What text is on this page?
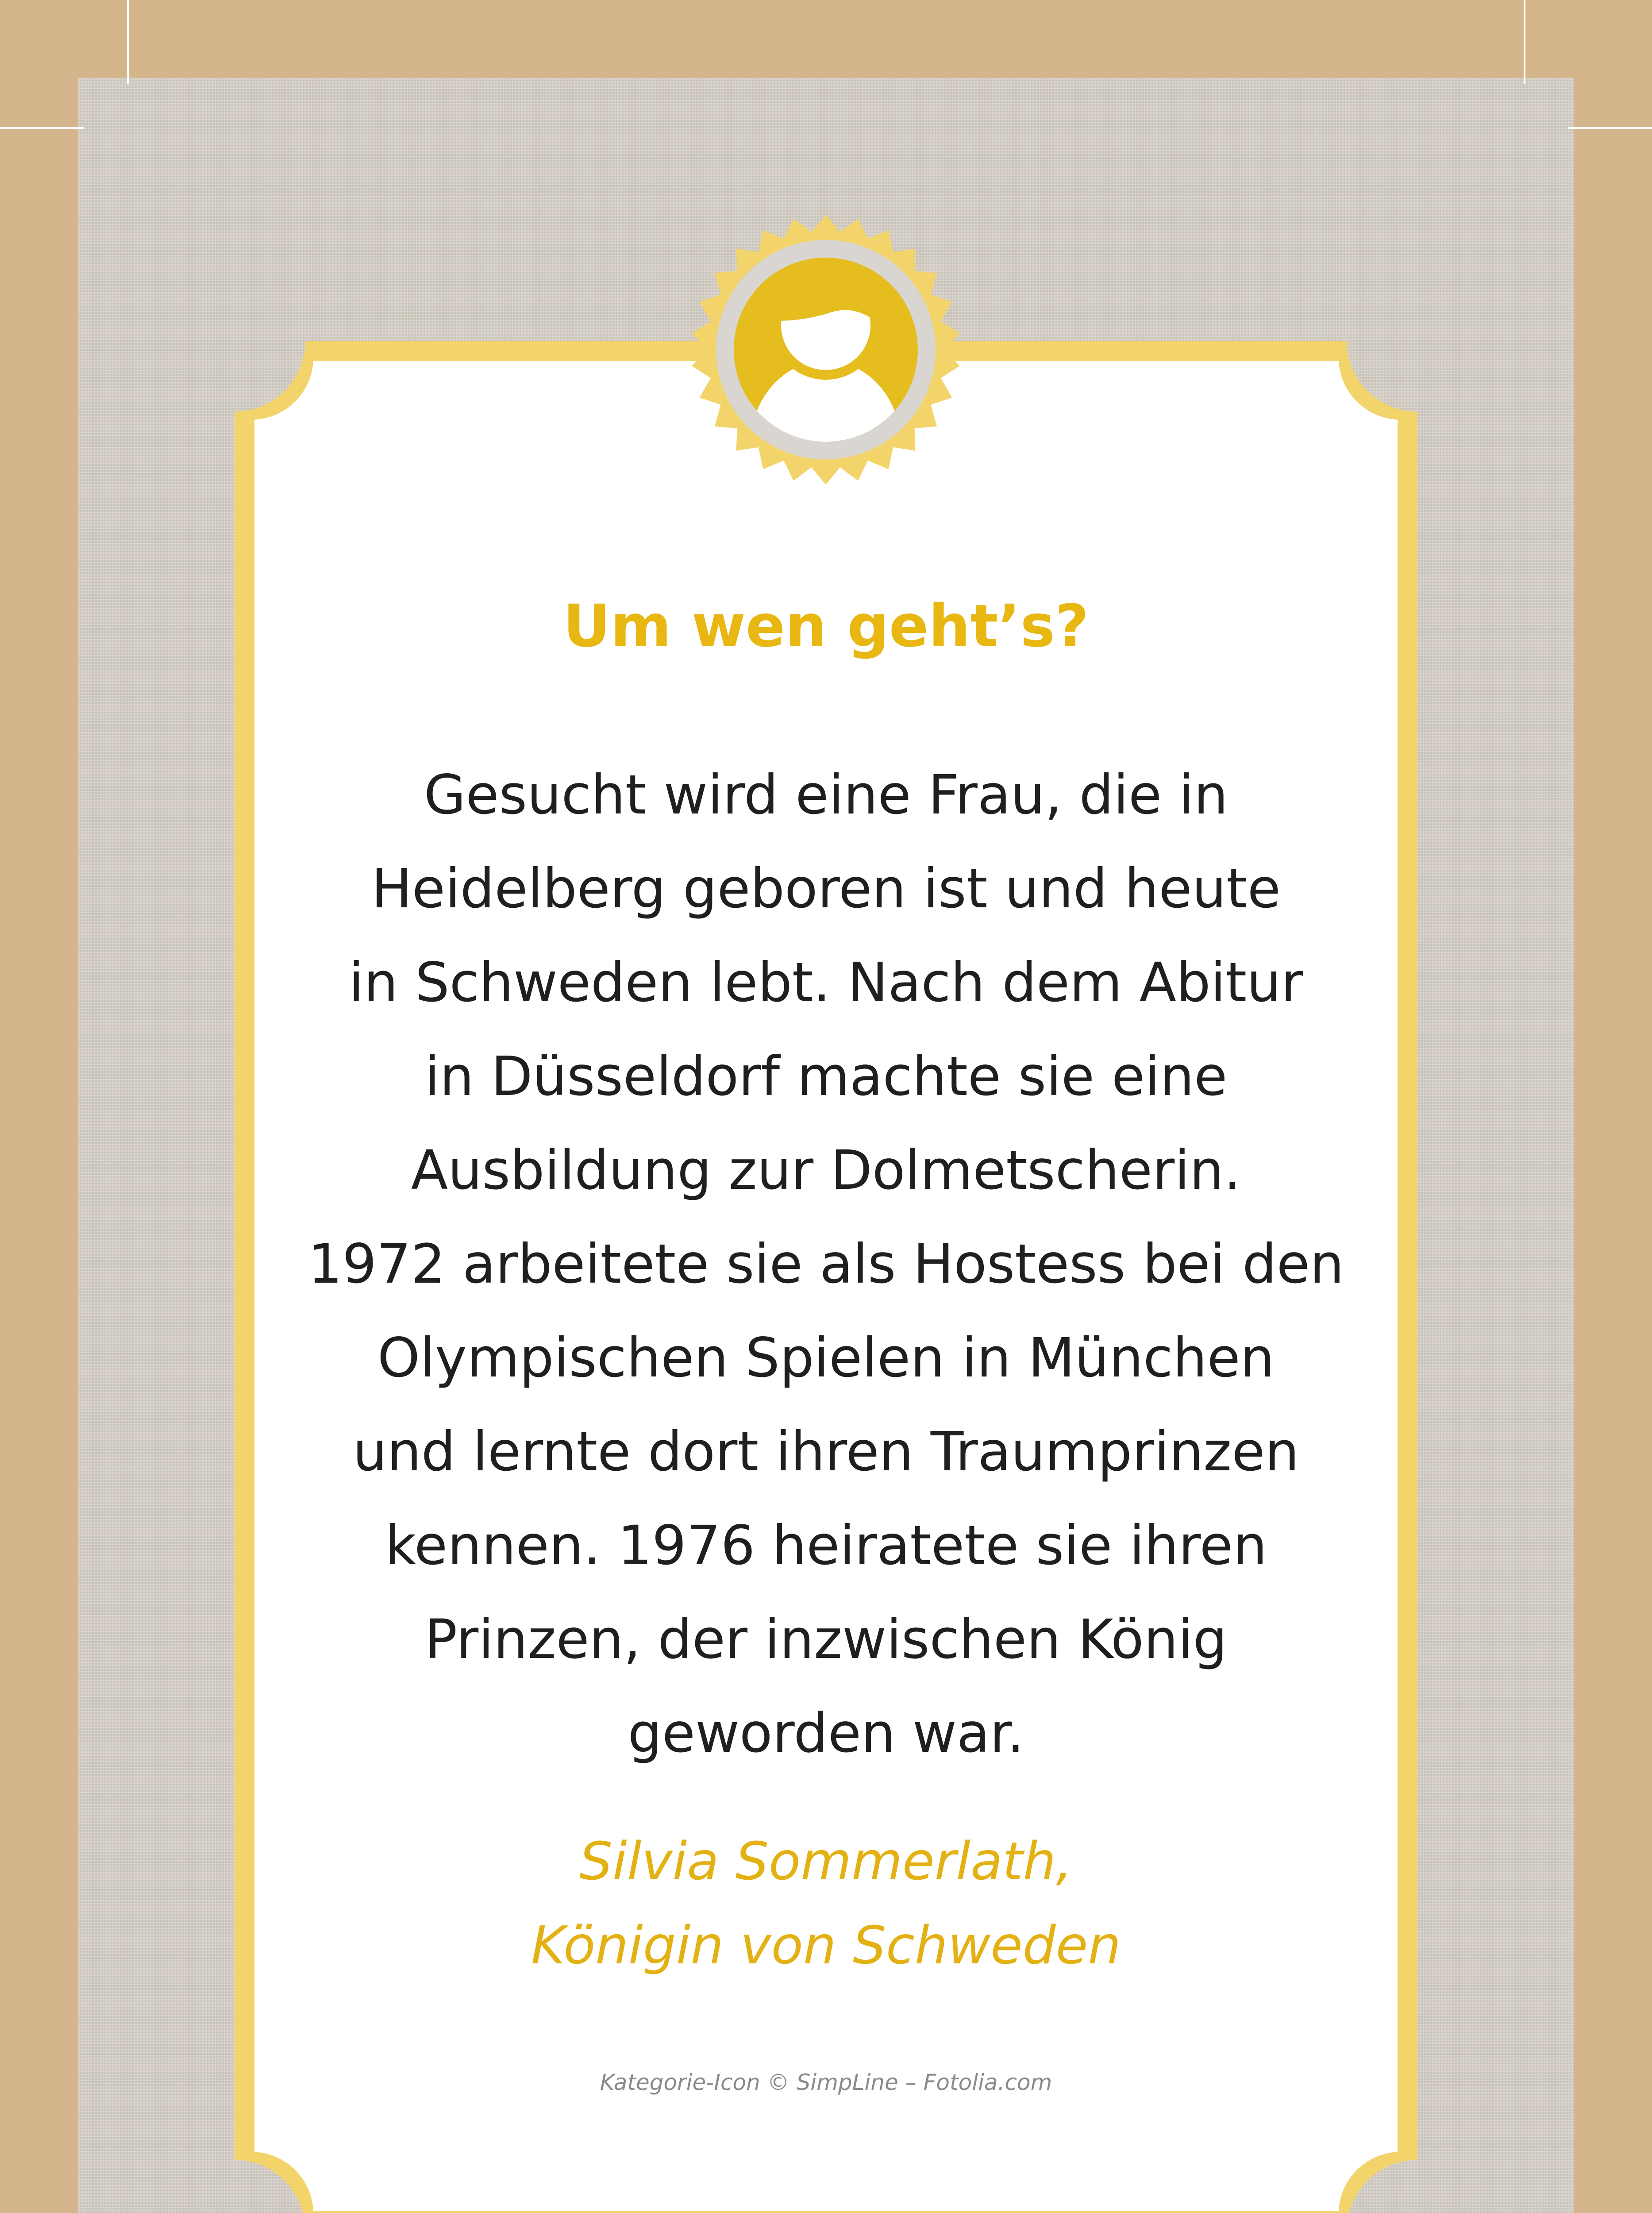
Um wen geht’s?
Gesucht wird eine Frau, die in
Heidelberg geboren ist und heute
in Schweden lebt. Nach dem Abitur
in Düsseldorf machte sie eine
Ausbildung zur Dolmetscherin.
1972 arbeitete sie als Hostess bei den
Olympischen Spielen in München
und lernte dort ihren Traumprinzen
kennen. 1976 heiratete sie ihren
Prinzen, der inzwischen König
geworden war.
Silvia Sommerlath,
Königin von Schweden
Kategorie-Icon © SimpLine – Fotolia.com
